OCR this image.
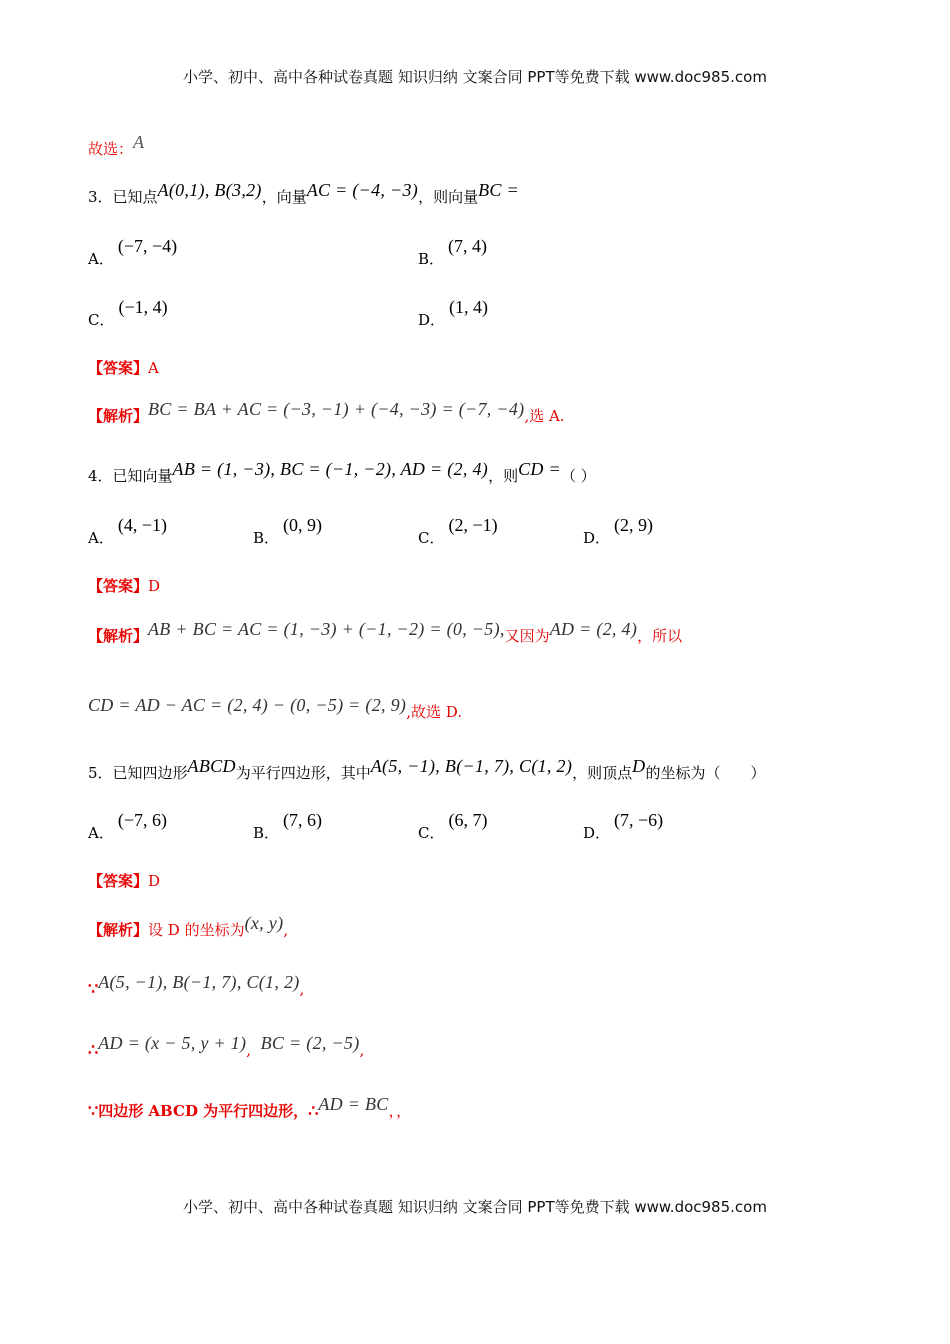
小学、初中、高中各种试卷真题 知识归纳 文案合同 PPT等免费下载 www.doc985.com
故选：A
3．已知点A(0,1), B(3,2)，向量AC = (−4, −3)，则向量BC =
A．(−7, −4)
B．(7, 4)
C．(−1, 4)
D．(1, 4)
【答案】A
【解析】BC = BA + AC = (−3, −1) + (−4, −3) = (−7, −4),选 A.
4．已知向量AB = (1, −3), BC = (−1, −2), AD = (2, 4)，则CD =（ ）
A．(4, −1)
B．(0, 9)
C．(2, −1)
D．(2, 9)
【答案】D
【解析】AB + BC = AC = (1, −3) + (−1, −2) = (0, −5),又因为AD = (2, 4)，所以
CD = AD − AC = (2, 4) − (0, −5) = (2, 9),故选 D.
5．已知四边形ABCD为平行四边形，其中A(5, −1), B(−1, 7), C(1, 2)，则顶点D的坐标为（　　）
A．(−7, 6)
B．(7, 6)
C．(6, 7)
D．(7, −6)
【答案】D
【解析】设 D 的坐标为(x, y),
∵A(5, −1), B(−1, 7), C(1, 2),
∴AD = (x − 5, y + 1), BC = (2, −5),
∵四边形 ABCD 为平行四边形，∴AD = BC，，
小学、初中、高中各种试卷真题 知识归纳 文案合同 PPT等免费下载 www.doc985.com
